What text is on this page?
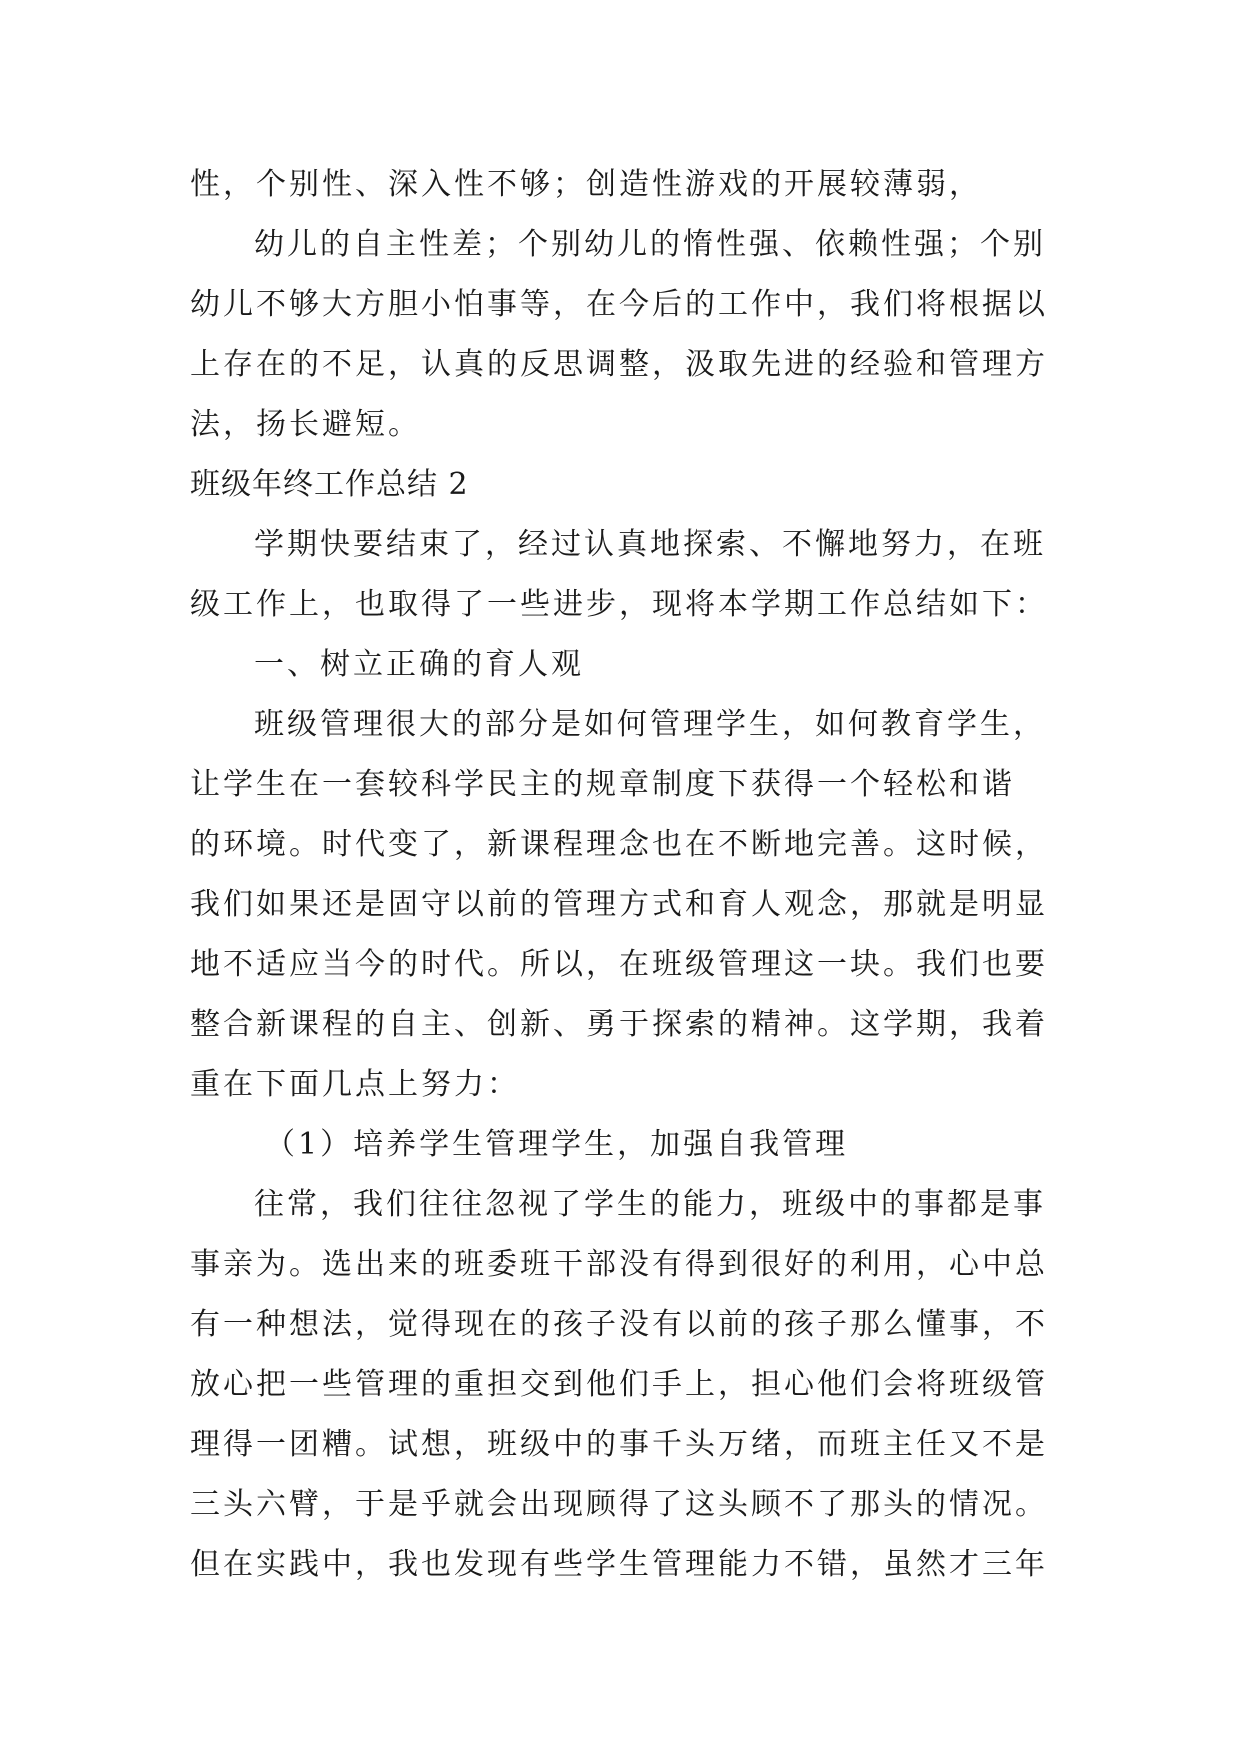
性，个别性、深入性不够；创造性游戏的开展较薄弱，
幼儿的自主性差；个别幼儿的惰性强、依赖性强；个别
幼儿不够大方胆小怕事等，在今后的工作中，我们将根据以
上存在的不足，认真的反思调整，汲取先进的经验和管理方
法，扬长避短。
班级年终工作总结 2
学期快要结束了，经过认真地探索、不懈地努力，在班
级工作上，也取得了一些进步，现将本学期工作总结如下：
一、树立正确的育人观
班级管理很大的部分是如何管理学生，如何教育学生，
让学生在一套较科学民主的规章制度下获得一个轻松和谐
的环境。时代变了，新课程理念也在不断地完善。这时候，
我们如果还是固守以前的管理方式和育人观念，那就是明显
地不适应当今的时代。所以，在班级管理这一块。我们也要
整合新课程的自主、创新、勇于探索的精神。这学期，我着
重在下面几点上努力：
（1）培养学生管理学生，加强自我管理
往常，我们往往忽视了学生的能力，班级中的事都是事
事亲为。选出来的班委班干部没有得到很好的利用，心中总
有一种想法，觉得现在的孩子没有以前的孩子那么懂事，不
放心把一些管理的重担交到他们手上，担心他们会将班级管
理得一团糟。试想，班级中的事千头万绪，而班主任又不是
三头六臂，于是乎就会出现顾得了这头顾不了那头的情况。
但在实践中，我也发现有些学生管理能力不错，虽然才三年
